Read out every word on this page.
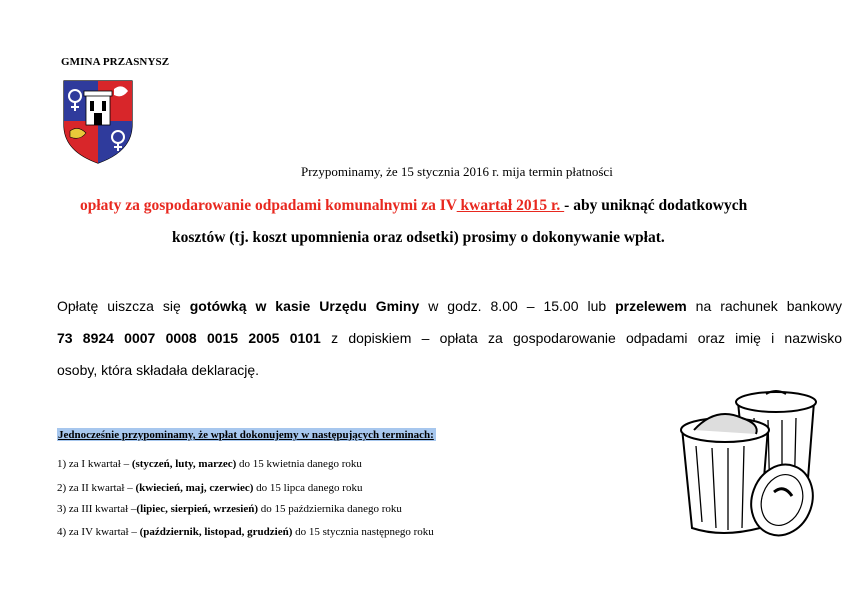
GMINA PRZASNYSZ
Przypominamy, że 15 stycznia 2016 r. mija termin płatności
opłaty za gospodarowanie odpadami komunalnymi za IV kwartał 2015 r. - aby uniknąć dodatkowych
kosztów (tj. koszt upomnienia oraz odsetki) prosimy o dokonywanie wpłat.
Opłatę uiszcza się gotówką w kasie Urzędu Gminy w godz. 8.00 – 15.00 lub przelewem na rachunek bankowy
73 8924 0007 0008 0015 2005 0101 z dopiskiem – opłata za gospodarowanie odpadami oraz imię i nazwisko
osoby, która składała deklarację.
Jednocześnie przypominamy, że wpłat dokonujemy w następujących terminach:
1) za I kwartał – (styczeń, luty, marzec) do 15 kwietnia danego roku
2) za II kwartał – (kwiecień, maj, czerwiec) do 15 lipca danego roku
3) za III kwartał –(lipiec, sierpień, wrzesień) do 15 października danego roku
4) za IV kwartał – (październik, listopad, grudzień) do 15 stycznia następnego roku
